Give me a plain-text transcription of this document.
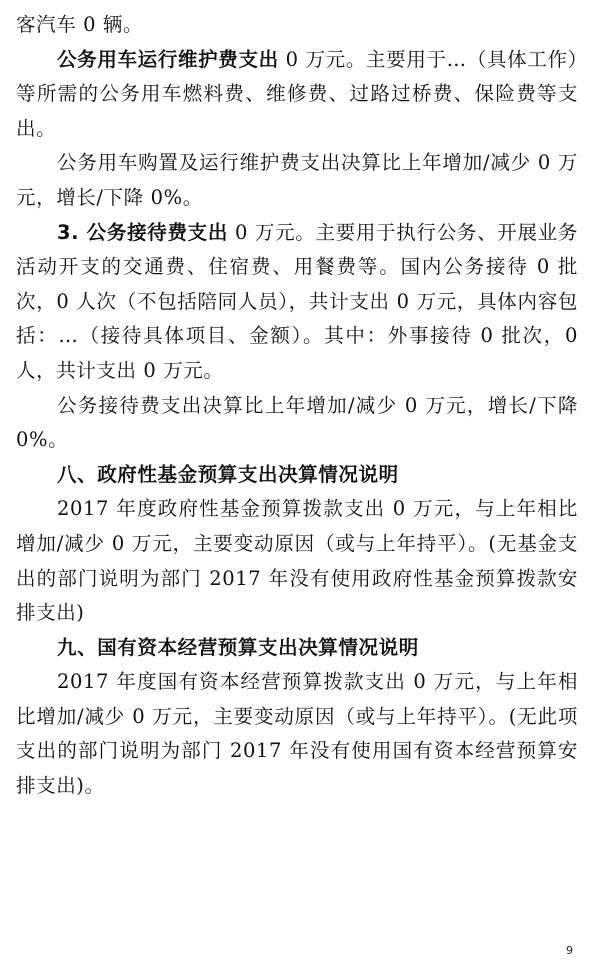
客汽车 0 辆。

公务用车运行维护费支出 0 万元。主要用于…（具体工作）等所需的公务用车燃料费、维修费、过路过桥费、保险费等支出。

公务用车购置及运行维护费支出决算比上年增加/减少 0 万元，增长/下降 0%。

3. 公务接待费支出 0 万元。主要用于执行公务、开展业务活动开支的交通费、住宿费、用餐费等。国内公务接待 0 批次，0 人次（不包括陪同人员），共计支出 0 万元，具体内容包括：…（接待具体项目、金额）。其中：外事接待 0 批次，0 人，共计支出 0 万元。

公务接待费支出决算比上年增加/减少 0 万元，增长/下降 0%。

八、政府性基金预算支出决算情况说明

2017 年度政府性基金预算拨款支出 0 万元，与上年相比增加/减少 0 万元，主要变动原因（或与上年持平）。(无基金支出的部门说明为部门 2017 年没有使用政府性基金预算拨款安排支出)

九、国有资本经营预算支出决算情况说明

2017 年度国有资本经营预算拨款支出 0 万元，与上年相比增加/减少 0 万元，主要变动原因（或与上年持平）。(无此项支出的部门说明为部门 2017 年没有使用国有资本经营预算安排支出)。

9
